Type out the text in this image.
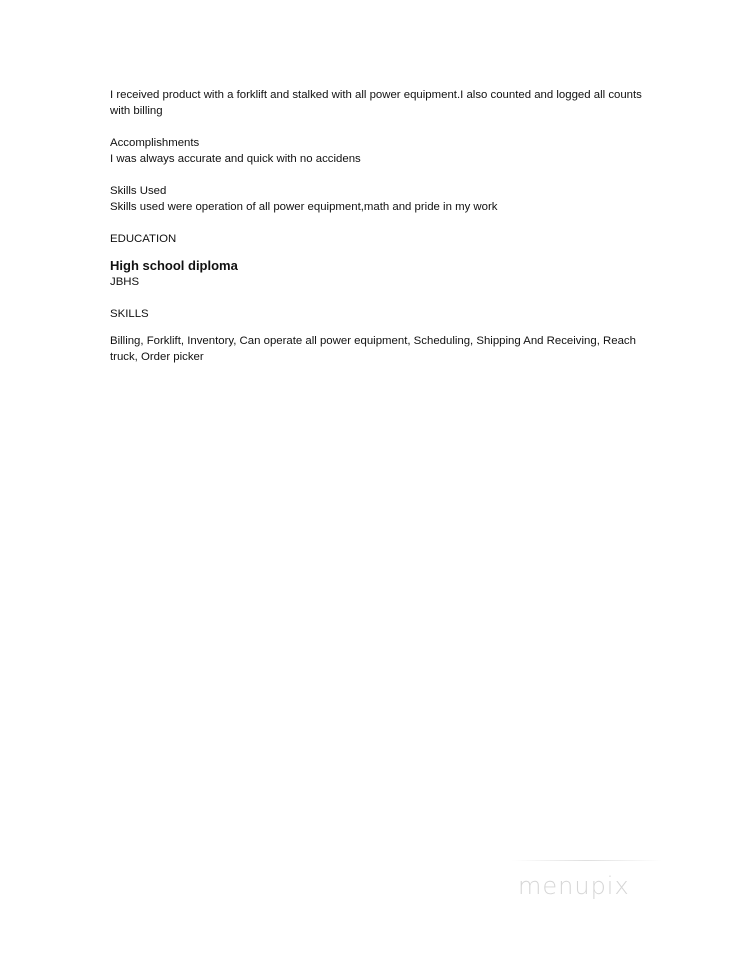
I received product with a forklift and stalked with all power equipment.I also counted and logged all counts with billing

Accomplishments

I was always accurate and quick with no accidens

Skills Used

Skills used were operation of all power equipment,math and pride in my work

EDUCATION

High school diploma

JBHS

SKILLS

Billing, Forklift, Inventory, Can operate all power equipment, Scheduling, Shipping And Receiving, Reach truck, Order picker

menupix
